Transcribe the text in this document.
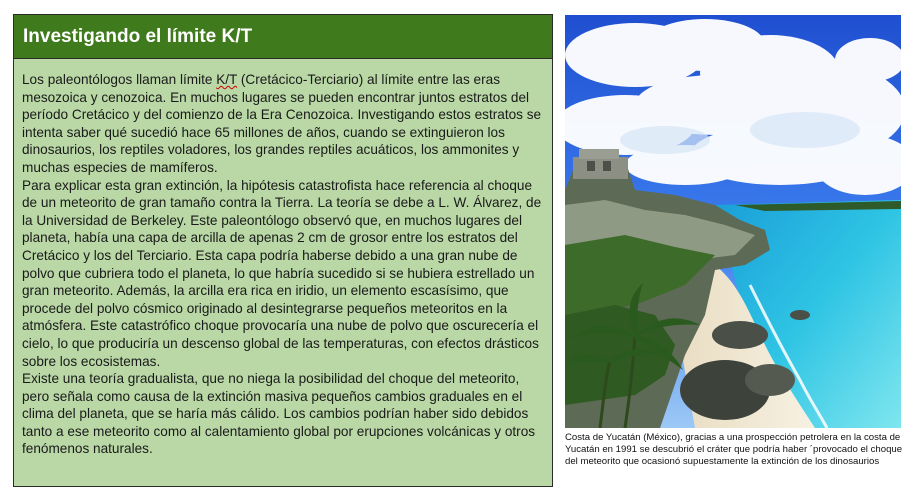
Investigando el límite K/T

Los paleontólogos llaman límite K/T (Cretácico-Terciario) al límite entre las eras mesozoica y cenozoica. En muchos lugares se pueden encontrar juntos estratos del período Cretácico y del comienzo de la Era Cenozoica. Investigando estos estratos se intenta saber qué sucedió hace 65 millones de años, cuando se extinguieron los dinosaurios, los reptiles voladores, los grandes reptiles acuáticos, los ammonites y muchas especies de mamíferos.

Para explicar esta gran extinción, la hipótesis catastrofista hace referencia al choque de un meteorito de gran tamaño contra la Tierra. La teoría se debe a L. W. Álvarez, de la Universidad de Berkeley. Este paleontólogo observó que, en muchos lugares del planeta, había una capa de arcilla de apenas 2 cm de grosor entre los estratos del Cretácico y los del Terciario. Esta capa podría haberse debido a una gran nube de polvo que cubriera todo el planeta, lo que habría sucedido si se hubiera estrellado un gran meteorito. Además, la arcilla era rica en iridio, un elemento escasísimo, que procede del polvo cósmico originado al desintegrarse pequeños meteoritos en la atmósfera. Este catastrófico choque provocaría una nube de polvo que oscurecería el cielo, lo que produciría un descenso global de las temperaturas, con efectos drásticos sobre los ecosistemas.

Existe una teoría gradualista, que no niega la posibilidad del choque del meteorito, pero señala como causa de la extinción masiva pequeños cambios graduales en el clima del planeta, que se haría más cálido. Los cambios podrían haber sido debidos tanto a ese meteorito como al calentamiento global por erupciones volcánicas y otros fenómenos naturales.

Costa de Yucatán (México), gracias a una prospección petrolera en la costa de Yucatán en 1991 se descubrió el cráter que podría haber ´provocado el choque del meteorito que ocasionó supuestamente la extinción de los dinosaurios
